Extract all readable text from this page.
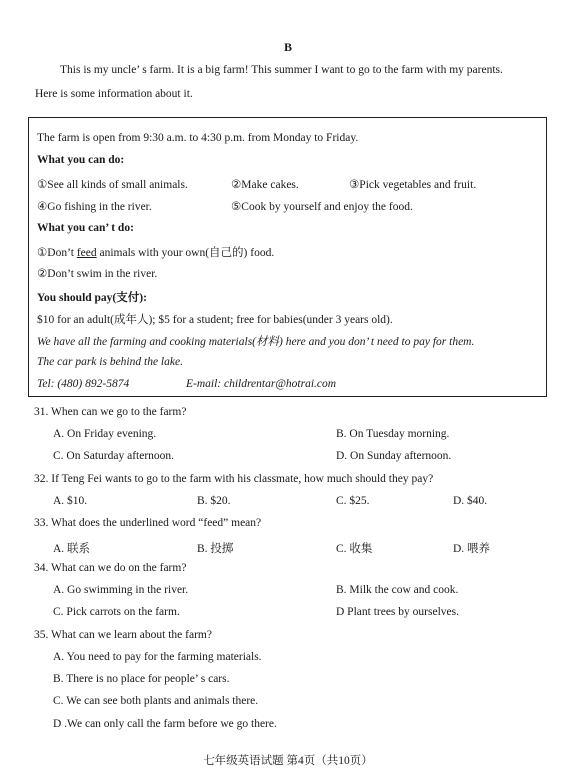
B
This is my uncle’ s farm. It is a big farm! This summer I want to go to the farm with my parents.
Here is some information about it.
The farm is open from 9:30 a.m. to 4:30 p.m. from Monday to Friday.
What you can do:
①See all kinds of small animals.	②Make cakes.	③Pick vegetables and fruit.
④Go fishing in the river.	⑤Cook by yourself and enjoy the food.
What you can’ t do:
①Don’t feed animals with your own(自己的) food.
②Don’t swim in the river.
You should pay(支付):
$10 for an adult(成年人); $5 for a student; free for babies(under 3 years old).
We have all the farming and cooking materials(材料) here and you don’ t need to pay for them.
The car park is behind the lake.
Tel: (480) 892-5874	E-mail: childrentar@hotrai.com
31. When can we go to the farm?
A. On Friday evening.	B. On Tuesday morning.
C. On Saturday afternoon.	D. On Sunday afternoon.
32. If Teng Fei wants to go to the farm with his classmate, how much should they pay?
A. $10.	B. $20.	C. $25.	D. $40.
33. What does the underlined word “feed” mean?
A. 联系	B. 投掷	C. 收集	D. 喂养
34. What can we do on the farm?
A. Go swimming in the river.	B. Milk the cow and cook.
C. Pick carrots on the farm.	D Plant trees by ourselves.
35. What can we learn about the farm?
A. You need to pay for the farming materials.
B. There is no place for people’ s cars.
C. We can see both plants and animals there.
D .We can only call the farm before we go there.
七年级英语试题 第4页（共10页）
